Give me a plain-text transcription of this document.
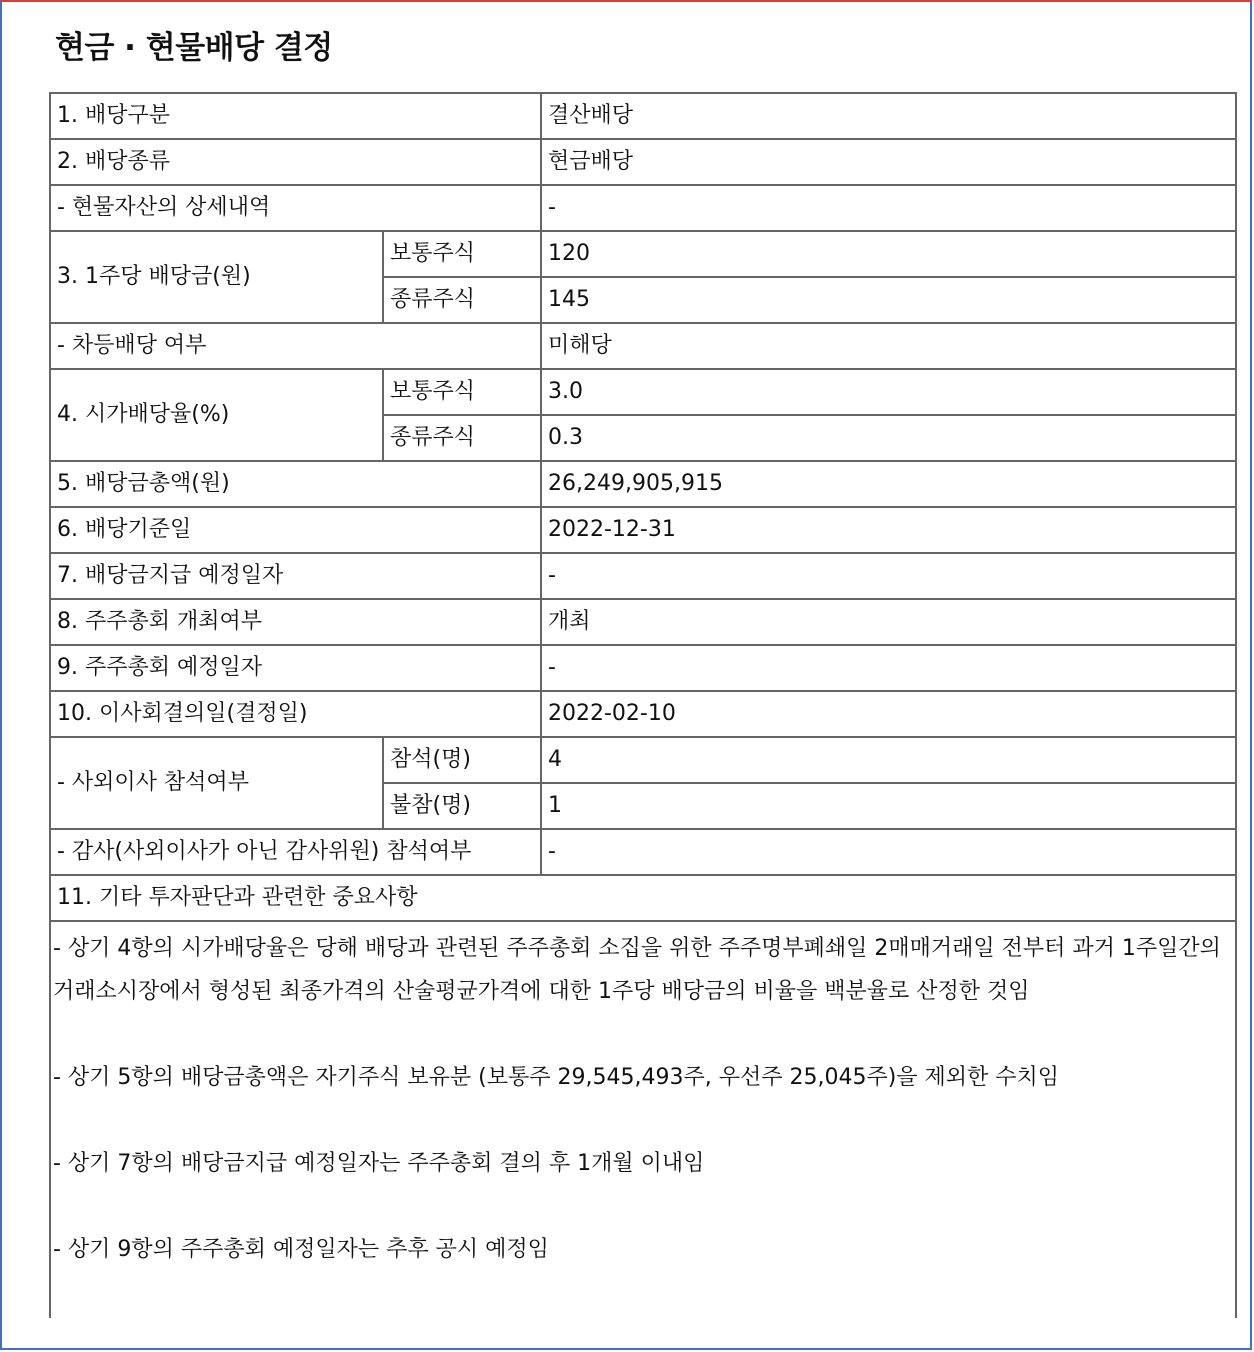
현금 · 현물배당 결정
1. 배당구분		결산배당
2. 배당종류		현금배당
- 현물자산의 상세내역		-
3. 1주당 배당금(원)	보통주식	120
	종류주식	145
- 차등배당 여부		미해당
4. 시가배당율(%)	보통주식	3.0
	종류주식	0.3
5. 배당금총액(원)		26,249,905,915
6. 배당기준일		2022-12-31
7. 배당금지급 예정일자		-
8. 주주총회 개최여부		개최
9. 주주총회 예정일자		-
10. 이사회결의일(결정일)		2022-02-10
- 사외이사 참석여부	참석(명)	4
	불참(명)	1
- 감사(사외이사가 아닌 감사위원) 참석여부		-
11. 기타 투자판단과 관련한 중요사항		

- 상기 4항의 시가배당율은 당해 배당과 관련된 주주총회 소집을 위한 주주명부폐쇄일 2매매거래일 전부터 과거 1주일간의 거래소시장에서 형성된 최종가격의 산술평균가격에 대한 1주당 배당금의 비율을 백분율로 산정한 것임

- 상기 5항의 배당금총액은 자기주식 보유분 (보통주 29,545,493주, 우선주 25,045주)을 제외한 수치임

- 상기 7항의 배당금지급 예정일자는 주주총회 결의 후 1개월 이내임

- 상기 9항의 주주총회 예정일자는 추후 공시 예정임		
